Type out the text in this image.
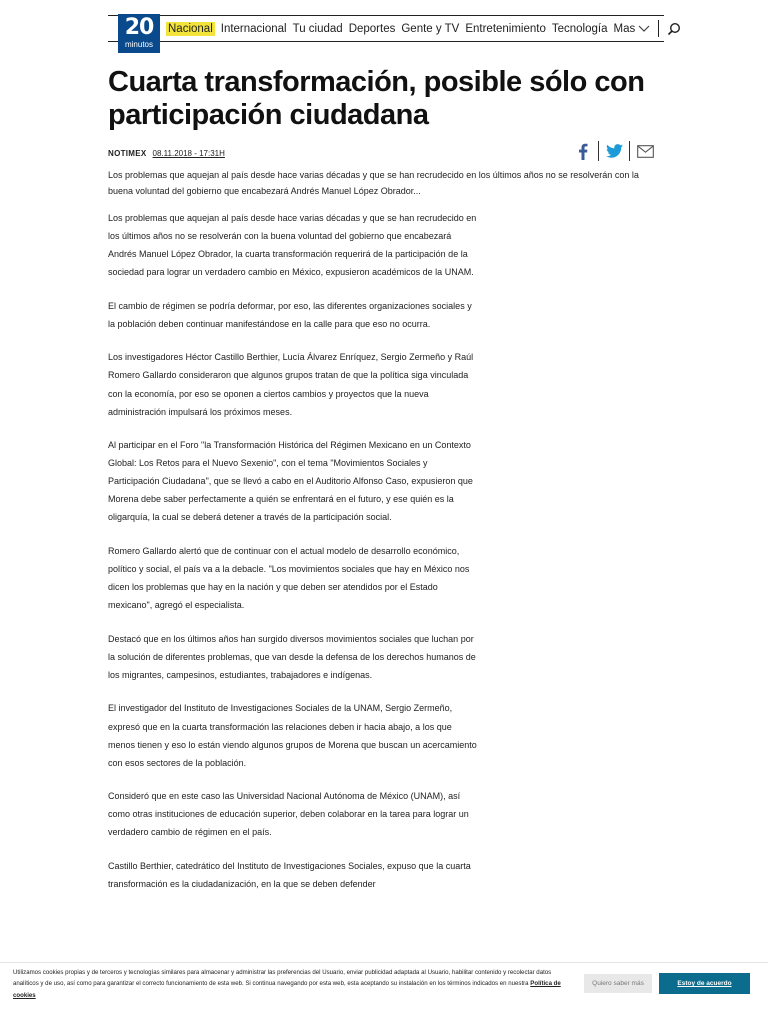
20
minutos
Nacional Internacional Tu ciudad Deportes Gente y TV Entretenimiento Tecnología Mas
Cuarta transformación, posible sólo con participación ciudadana
NOTIMEX 08.11.2018 - 17:31H

Los problemas que aquejan al país desde hace varias décadas y que se han recrudecido en los últimos años no se resolverán con la buena voluntad del gobierno que encabezará Andrés Manuel López Obrador...

Los problemas que aquejan al país desde hace varias décadas y que se han recrudecido en los últimos años no se resolverán con la buena voluntad del gobierno que encabezará Andrés Manuel López Obrador, la cuarta transformación requerirá de la participación de la sociedad para lograr un verdadero cambio en México, expusieron académicos de la UNAM.

El cambio de régimen se podría deformar, por eso, las diferentes organizaciones sociales y la población deben continuar manifestándose en la calle para que eso no ocurra.

Los investigadores Héctor Castillo Berthier, Lucía Álvarez Enríquez, Sergio Zermeño y Raúl Romero Gallardo consideraron que algunos grupos tratan de que la política siga vinculada con la economía, por eso se oponen a ciertos cambios y proyectos que la nueva administración impulsará los próximos meses.

Al participar en el Foro "la Transformación Histórica del Régimen Mexicano en un Contexto Global: Los Retos para el Nuevo Sexenio", con el tema "Movimientos Sociales y Participación Ciudadana", que se llevó a cabo en el Auditorio Alfonso Caso, expusieron que Morena debe saber perfectamente a quién se enfrentará en el futuro, y ese quién es la oligarquía, la cual se deberá detener a través de la participación social.

Romero Gallardo alertó que de continuar con el actual modelo de desarrollo económico, político y social, el país va a la debacle. "Los movimientos sociales que hay en México nos dicen los problemas que hay en la nación y que deben ser atendidos por el Estado mexicano", agregó el especialista.

Destacó que en los últimos años han surgido diversos movimientos sociales que luchan por la solución de diferentes problemas, que van desde la defensa de los derechos humanos de los migrantes, campesinos, estudiantes, trabajadores e indígenas.

El investigador del Instituto de Investigaciones Sociales de la UNAM, Sergio Zermeño, expresó que en la cuarta transformación las relaciones deben ir hacia abajo, a los que menos tienen y eso lo están viendo algunos grupos de Morena que buscan un acercamiento con esos sectores de la población.

Consideró que en este caso las Universidad Nacional Autónoma de México (UNAM), así como otras instituciones de educación superior, deben colaborar en la tarea para lograr un verdadero cambio de régimen en el país.

Castillo Berthier, catedrático del Instituto de Investigaciones Sociales, expuso que la cuarta transformación es la ciudadanización, en la que se deben defender

Utilizamos cookies propias y de terceros y tecnologías similares para almacenar y administrar las preferencias del Usuario, enviar publicidad adaptada al Usuario, habilitar contenido y recolectar datos analíticos y de uso, así como para garantizar el correcto funcionamiento de esta web. Si continua navegando por esta web, esta aceptando su instalación en los términos indicados en nuestra Política de cookies

Quiero saber más	Estoy de acuerdo
